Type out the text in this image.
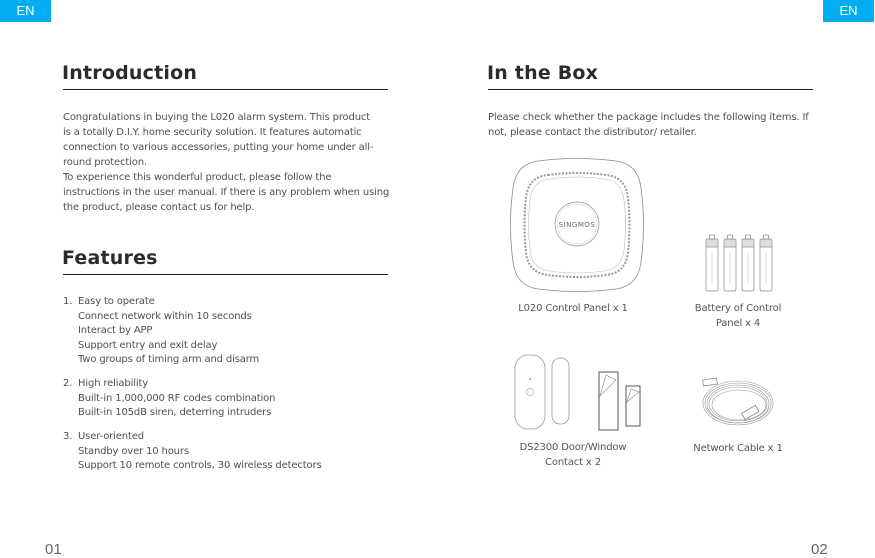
EN	EN
Introduction
Congratulations in buying the L020 alarm system. This product
is a totally D.I.Y. home security solution. It features automatic
connection to various accessories, putting your home under all-
round protection.
To experience this wonderful product, please follow the
instructions in the user manual. If there is any problem when using
the product, please contact us for help.
Features
1. Easy to operate
Connect network within 10 seconds
Interact by APP
Support entry and exit delay
Two groups of timing arm and disarm
2. High reliability
Built-in 1,000,000 RF codes combination
Built-in 105dB siren, deterring intruders
3. User-oriented
Standby over 10 hours
Support 10 remote controls, 30 wireless detectors
In the Box
Please check whether the package includes the following items. If
not, please contact the distributor/ retailer.
SINGMOS
L020 Control Panel x 1	Battery of Control
Panel x 4
DS2300 Door/Window
Contact x 2
Network Cable x 1
01	02
